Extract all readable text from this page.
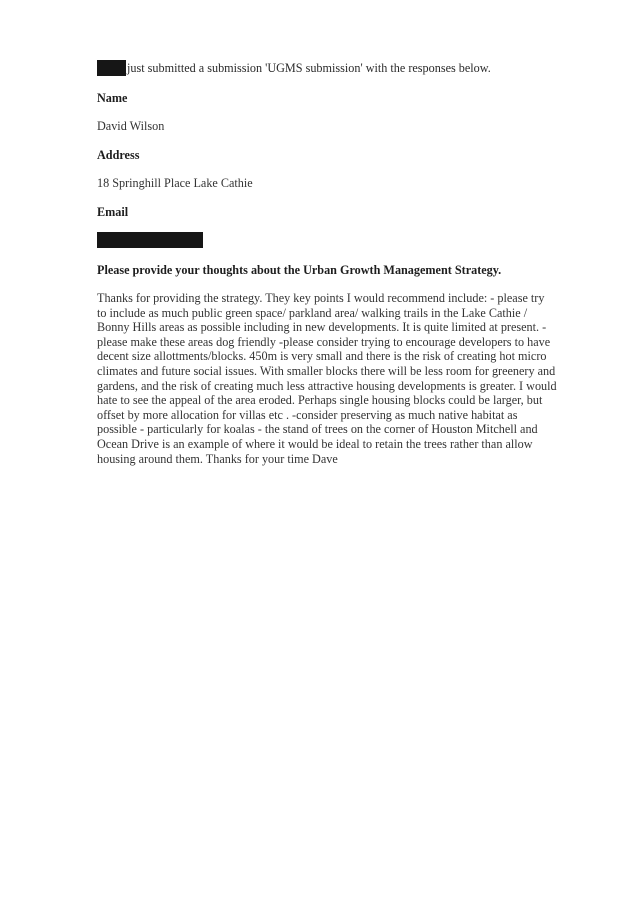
just submitted a submission 'UGMS submission' with the responses below.
Name
David Wilson
Address
18 Springhill Place Lake Cathie
Email
Please provide your thoughts about the Urban Growth Management Strategy.
Thanks for providing the strategy. They key points I would recommend include: - please try
to include as much public green space/ parkland area/ walking trails in the Lake Cathie /
Bonny Hills areas as possible including in new developments. It is quite limited at present. -
please make these areas dog friendly -please consider trying to encourage developers to have
decent size allottments/blocks. 450m is very small and there is the risk of creating hot micro
climates and future social issues. With smaller blocks there will be less room for greenery and
gardens, and the risk of creating much less attractive housing developments is greater. I would
hate to see the appeal of the area eroded. Perhaps single housing blocks could be larger, but
offset by more allocation for villas etc . -consider preserving as much native habitat as
possible - particularly for koalas - the stand of trees on the corner of Houston Mitchell and
Ocean Drive is an example of where it would be ideal to retain the trees rather than allow
housing around them. Thanks for your time Dave
